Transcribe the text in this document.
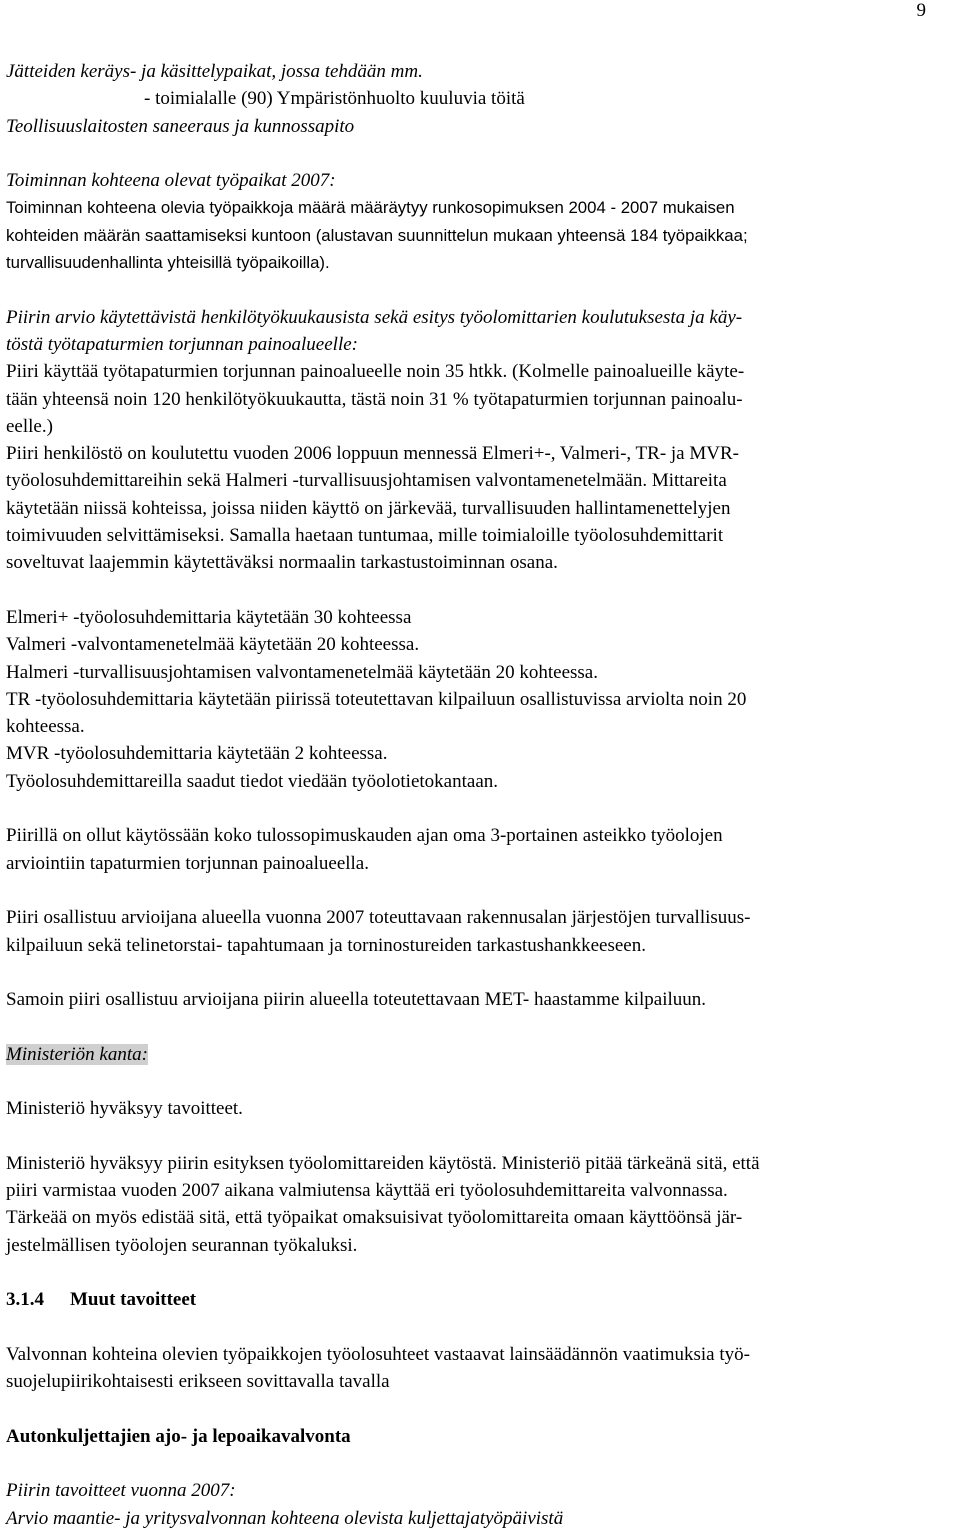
9
Jätteiden keräys- ja käsittelypaikat, jossa tehdään mm.
- toimialalle (90) Ympäristönhuolto kuuluvia töitä
Teollisuuslaitosten saneeraus ja kunnossapito
Toiminnan kohteena olevat työpaikat 2007:
Toiminnan kohteena olevia työpaikkoja määrä määräytyy runkosopimuksen 2004 - 2007 mukaisen
kohteiden määrän saattamiseksi kuntoon (alustavan suunnittelun mukaan yhteensä 184 työpaikkaa;
turvallisuudenhallinta yhteisillä työpaikoilla).
Piirin arvio käytettävistä henkilötyökuukausista sekä esitys työolomittarien koulutuksesta ja käy-
töstä työtapaturmien torjunnan painoalueelle:
Piiri käyttää työtapaturmien torjunnan painoalueelle noin 35 htkk. (Kolmelle painoalueille käyte-
tään yhteensä noin 120 henkilötyökuukautta, tästä noin 31 % työtapaturmien torjunnan painoalu-
eelle.)
Piiri henkilöstö on koulutettu vuoden 2006 loppuun mennessä Elmeri+-, Valmeri-, TR- ja MVR-
työolosuhdemittareihin sekä Halmeri -turvallisuusjohtamisen valvontamenetelmään. Mittareita
käytetään niissä kohteissa, joissa niiden käyttö on järkevää, turvallisuuden hallintamenettelyjen
toimivuuden selvittämiseksi. Samalla haetaan tuntumaa, mille toimialoille työolosuhdemittarit
soveltuvat laajemmin käytettäväksi normaalin tarkastustoiminnan osana.
Elmeri+ -työolosuhdemittaria käytetään 30 kohteessa
Valmeri -valvontamenetelmää käytetään 20 kohteessa.
Halmeri -turvallisuusjohtamisen valvontamenetelmää käytetään 20 kohteessa.
TR -työolosuhdemittaria käytetään piirissä toteutettavan kilpailuun osallistuvissa arviolta noin 20
kohteessa.
MVR -työolosuhdemittaria käytetään 2 kohteessa.
Työolosuhdemittareilla saadut tiedot viedään työolotietokantaan.
Piirillä on ollut käytössään koko tulossopimuskauden ajan oma 3-portainen asteikko työolojen
arviointiin tapaturmien torjunnan painoalueella.
Piiri osallistuu arvioijana alueella vuonna 2007 toteuttavaan rakennusalan järjestöjen turvallisuus-
kilpailuun sekä telinetorstai- tapahtumaan ja torninostureiden tarkastushankkeeseen.
Samoin piiri osallistuu arvioijana piirin alueella toteutettavaan MET- haastamme kilpailuun.
Ministeriön kanta:
Ministeriö hyväksyy tavoitteet.
Ministeriö hyväksyy piirin esityksen työolomittareiden käytöstä. Ministeriö pitää tärkeänä sitä, että
piiri varmistaa vuoden 2007 aikana valmiutensa käyttää eri työolosuhdemittareita valvonnassa.
Tärkeää on myös edistää sitä, että työpaikat omaksuisivat työolomittareita omaan käyttöönsä jär-
jestelmällisen työolojen seurannan työkaluksi.
3.1.4 Muut tavoitteet
Valvonnan kohteina olevien työpaikkojen työolosuhteet vastaavat lainsäädännön vaatimuksia työ-
suojelupiirikohtaisesti erikseen sovittavalla tavalla
Autonkuljettajien ajo- ja lepoaikavalvonta
Piirin tavoitteet vuonna 2007:
Arvio maantie- ja yritysvalvonnan kohteena olevista kuljettajatyöpäivistä
